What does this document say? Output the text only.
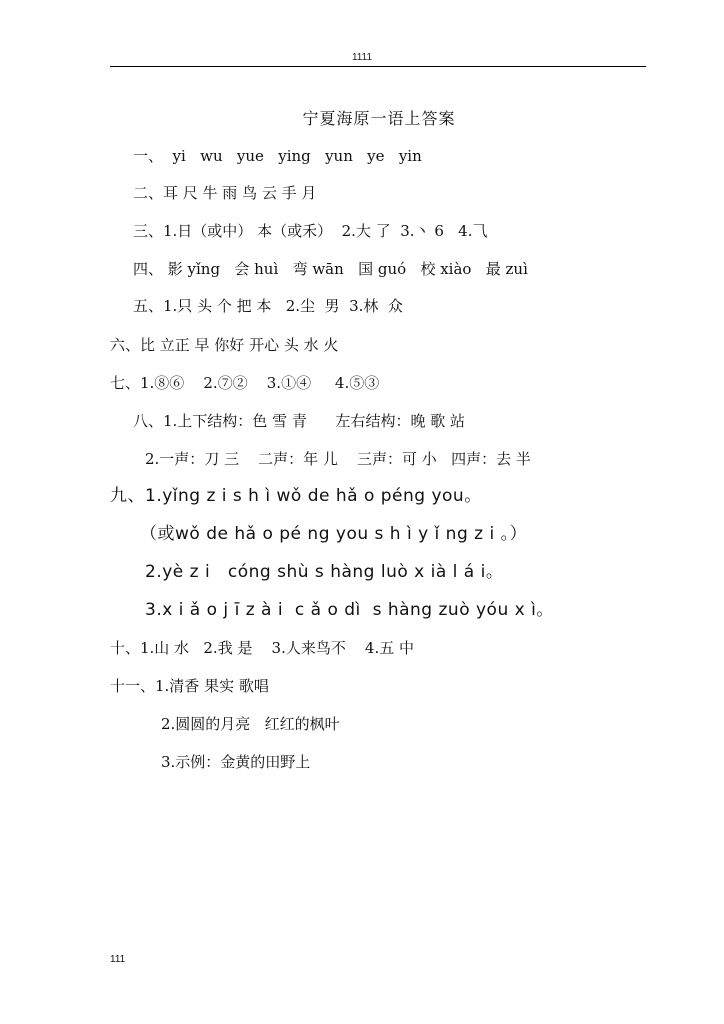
1111
宁夏海原一语上答案
一、  yi   wu   yue   ying   yun   ye   yin
二、耳 尺 牛 雨 鸟 云 手 月
三、1.日（或中） 本（或禾）  2.大 了  3.丶 6   4.⺄
四、 影 yǐng   会 huì   弯 wān   国 guó   校 xiào   最 zuì
五、1.只 头 个 把 本   2.尘  男  3.林  众
六、比 立正 早 你好 开心 头 水 火
七、1.⑧⑥    2.⑦②    3.①④     4.⑤③
八、1.上下结构：色 雪 青      左右结构：晚 歌 站
2.一声：刀 三    二声：年 儿    三声：可 小   四声：去 半
九、1.yǐng z i s h ì wǒ de hǎ o péng you。
（或wǒ de hǎ o pé ng you s h ì y ǐ ng z i 。）
2.yè z i   cóng shù s hàng luò x ià l á i。
3.x i ǎ o j ī z à i  c ǎ o dì  s hàng zuò yóu x ì。
十、1.山 水   2.我 是    3.人来鸟不    4.五 中
十一、1.清香 果实 歌唱
2.圆圆的月亮   红红的枫叶
3.示例：金黄的田野上
111
